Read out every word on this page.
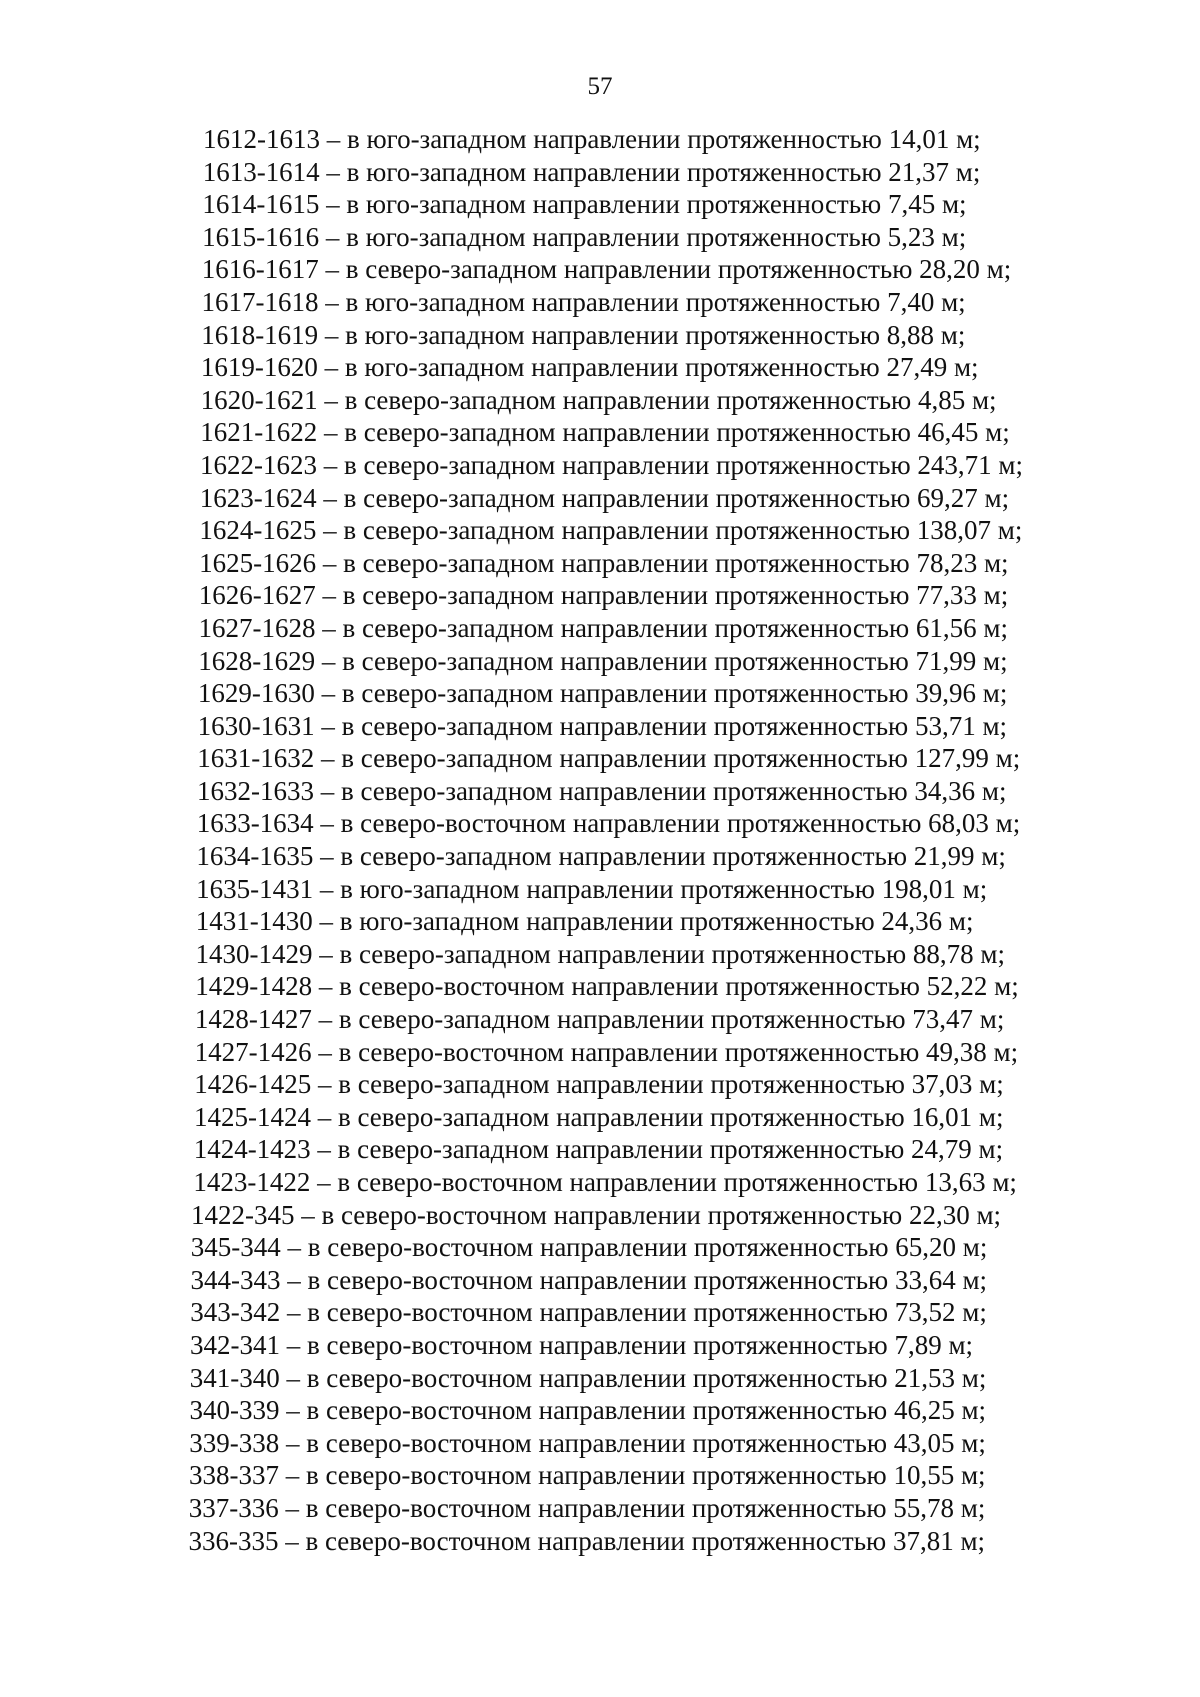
57
1612-1613 – в юго-западном направлении протяженностью 14,01 м;
1613-1614 – в юго-западном направлении протяженностью 21,37 м;
1614-1615 – в юго-западном направлении протяженностью 7,45 м;
1615-1616 – в юго-западном направлении протяженностью 5,23 м;
1616-1617 – в северо-западном направлении протяженностью 28,20 м;
1617-1618 – в юго-западном направлении протяженностью 7,40 м;
1618-1619 – в юго-западном направлении протяженностью 8,88 м;
1619-1620 – в юго-западном направлении протяженностью 27,49 м;
1620-1621 – в северо-западном направлении протяженностью 4,85 м;
1621-1622 – в северо-западном направлении протяженностью 46,45 м;
1622-1623 – в северо-западном направлении протяженностью 243,71 м;
1623-1624 – в северо-западном направлении протяженностью 69,27 м;
1624-1625 – в северо-западном направлении протяженностью 138,07 м;
1625-1626 – в северо-западном направлении протяженностью 78,23 м;
1626-1627 – в северо-западном направлении протяженностью 77,33 м;
1627-1628 – в северо-западном направлении протяженностью 61,56 м;
1628-1629 – в северо-западном направлении протяженностью 71,99 м;
1629-1630 – в северо-западном направлении протяженностью 39,96 м;
1630-1631 – в северо-западном направлении протяженностью 53,71 м;
1631-1632 – в северо-западном направлении протяженностью 127,99 м;
1632-1633 – в северо-западном направлении протяженностью 34,36 м;
1633-1634 – в северо-восточном направлении протяженностью 68,03 м;
1634-1635 – в северо-западном направлении протяженностью 21,99 м;
1635-1431 – в юго-западном направлении протяженностью 198,01 м;
1431-1430 – в юго-западном направлении протяженностью 24,36 м;
1430-1429 – в северо-западном направлении протяженностью 88,78 м;
1429-1428 – в северо-восточном направлении протяженностью 52,22 м;
1428-1427 – в северо-западном направлении протяженностью 73,47 м;
1427-1426 – в северо-восточном направлении протяженностью 49,38 м;
1426-1425 – в северо-западном направлении протяженностью 37,03 м;
1425-1424 – в северо-западном направлении протяженностью 16,01 м;
1424-1423 – в северо-западном направлении протяженностью 24,79 м;
1423-1422 – в северо-восточном направлении протяженностью 13,63 м;
1422-345 – в северо-восточном направлении протяженностью 22,30 м;
345-344 – в северо-восточном направлении протяженностью 65,20 м;
344-343 – в северо-восточном направлении протяженностью 33,64 м;
343-342 – в северо-восточном направлении протяженностью 73,52 м;
342-341 – в северо-восточном направлении протяженностью 7,89 м;
341-340 – в северо-восточном направлении протяженностью 21,53 м;
340-339 – в северо-восточном направлении протяженностью 46,25 м;
339-338 – в северо-восточном направлении протяженностью 43,05 м;
338-337 – в северо-восточном направлении протяженностью 10,55 м;
337-336 – в северо-восточном направлении протяженностью 55,78 м;
336-335 – в северо-восточном направлении протяженностью 37,81 м;
